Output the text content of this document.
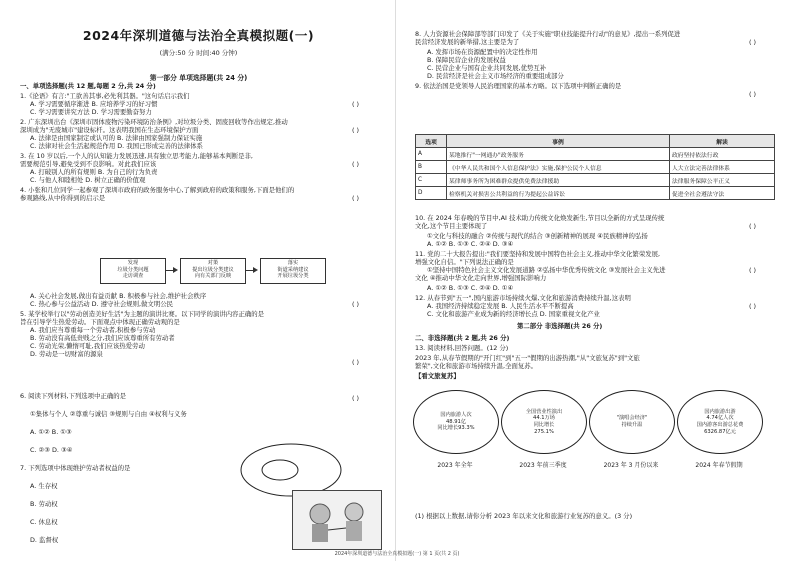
2024年深圳道德与法治全真模拟题(一)
(满分:50 分 时间:40 分钟)
第一部分 单项选择题(共 24 分)
一、单项选择题(共 12 题,每题 2 分,共 24 分)
1.《论语》有言:"工欲善其事,必先利其器。"这句话启示我们
A. 学习需要循序渐进 B. 应培养学习的好习惯
C. 学习需要讲究方法 D. 学习需要勤奋努力
2. 广东深圳出台《深圳市固体废物污染环境防治条例》,对垃圾分类、固废回收等作出规定,推动
深圳成为"无废城市"建设标杆。这表明我国在生态环境保护方面
A. 法律是由国家制定或认可的 B. 法律由国家强制力保证实施
C. 法律对社会生活起规范作用 D. 我国已形成完善的法律体系
3. 在 10 岁以后,一个人的认知能力发展迅速,具有独立思考能力,能够基本判断是非,
需要规范引导,避免受到不良影响。对此我们应该
A. 打破别人的所有规则 B. 为自己的行为负责
C. 与他人和睦相处 D. 树立正确的价值观
4. 小张和几位同学一起参观了深圳市政府的政务服务中心,了解到政府的政策和服务,下面是他们的
参观路线,从中你得到的启示是
A. 关心社会发展,做出有益贡献 B. 积极参与社会,维护社会秩序
C. 热心参与公益活动 D. 遵守社会规则,做文明公民
5. 某学校举行以"劳动创造美好生活"为主题的演讲比赛。以下同学的演讲内容正确的是
旨在引导学生热爱劳动。下面观点中体现正确劳动观的是
A. 我们应当尊重每一个劳动者,积极参与劳动
B. 劳动没有高低贵贱之分,我们应该尊重所有劳动者
C. 劳动光荣,懒惰可耻,我们应该热爱劳动
D. 劳动是一切财富的源泉
6. 阅读下列材料,下列选项中正确的是
①集体与个人 ②尊重与诚信 ③规则与自由 ④权利与义务
A. ①② B. ①③
C. ②③ D. ③④
7. 下列选项中体现维护劳动者权益的是
A. 生存权
B. 劳动权
C. 休息权
D. 监督权
( )
( )
( )
( )
( )
( )
( )
发现
垃圾分类问题
走访调查
对策
提出垃圾分类建议
向有关部门反映
落实
街道采纳建议
开展垃圾分类
8. 人力资源社会保障部等部门印发了《关于实施"职业技能提升行动"的意见》,提出一系列促进
民营经济发展的新举措,这主要是为了
A. 发挥市场在资源配置中的决定性作用
B. 保障民营企业的发展权益
C. 民营企业与国有企业共同发展,优势互补
D. 民营经济是社会主义市场经济的重要组成部分
9. 依法治国是党领导人民治理国家的基本方略。以下选项中判断正确的是
10. 在 2024 年春晚的节目中,AI 技术助力传统文化焕发新生,节目以全新的方式呈现传统
文化,这个节目主要体现了
①文化与科技的融合 ②传统与现代的结合 ③创新精神的展现 ④民族精神的弘扬
A. ①② B. ①③ C. ②④ D. ③④
11. 党的二十大报告提出:"我们要坚持和发展中国特色社会主义,推动中华文化繁荣发展,
增强文化自信。"下列说法正确的是
①坚持中国特色社会主义文化发展道路 ②弘扬中华优秀传统文化 ③发展社会主义先进
文化 ④推动中华文化走向世界,增强国际影响力
A. ①② B. ①③ C. ②④ D. ①④
12. 从春节到"五一",国内旅游市场持续火爆,文化和旅游消费持续升温,这表明
A. 我国经济持续稳定发展 B. 人民生活水平不断提高
C. 文化和旅游产业成为新的经济增长点 D. 国家重视文化产业
第二部分 非选择题(共 26 分)
二、非选择题(共 2 题,共 26 分)
13. 阅读材料,回答问题。(12 分)
2023 年,从春节假期的"开门红"到"五一"假期的出游热潮,"从"文旅复苏"到"文旅
繁荣",文化和旅游市场持续升温,全面复苏。
【看文旅复苏】
(1) 根据以上数据,请你分析 2023 年以来文化和旅游行业复苏的意义。(3 分)
( )
( )
( )
( )
( )
选项	事例	解读
A	某地推行"一网通办"政务服务	政府坚持依法行政
B	《中华人民共和国个人信息保护法》实施,保护公民个人信息	人大立法完善法律体系
C	某律师事务所为困难群众提供免费法律援助	法律服务保障公平正义
D	检察机关对损害公共利益的行为提起公益诉讼	促进全社会遵法守法
国内旅游人次
48.91亿
同比增长93.3%
2023 年全年
全国营业性演出
44.1万场
同比增长
275.1%
2023 年前三季度
"演唱会经济"
持续升温
2023 年 3 月份以来
国内旅游出游
4.74亿人次
国内游客出游总花费
6326.87亿元
2024 年春节假期
2024年深圳道德与法治全真模拟题(一) 第 1 页(共 2 页)
